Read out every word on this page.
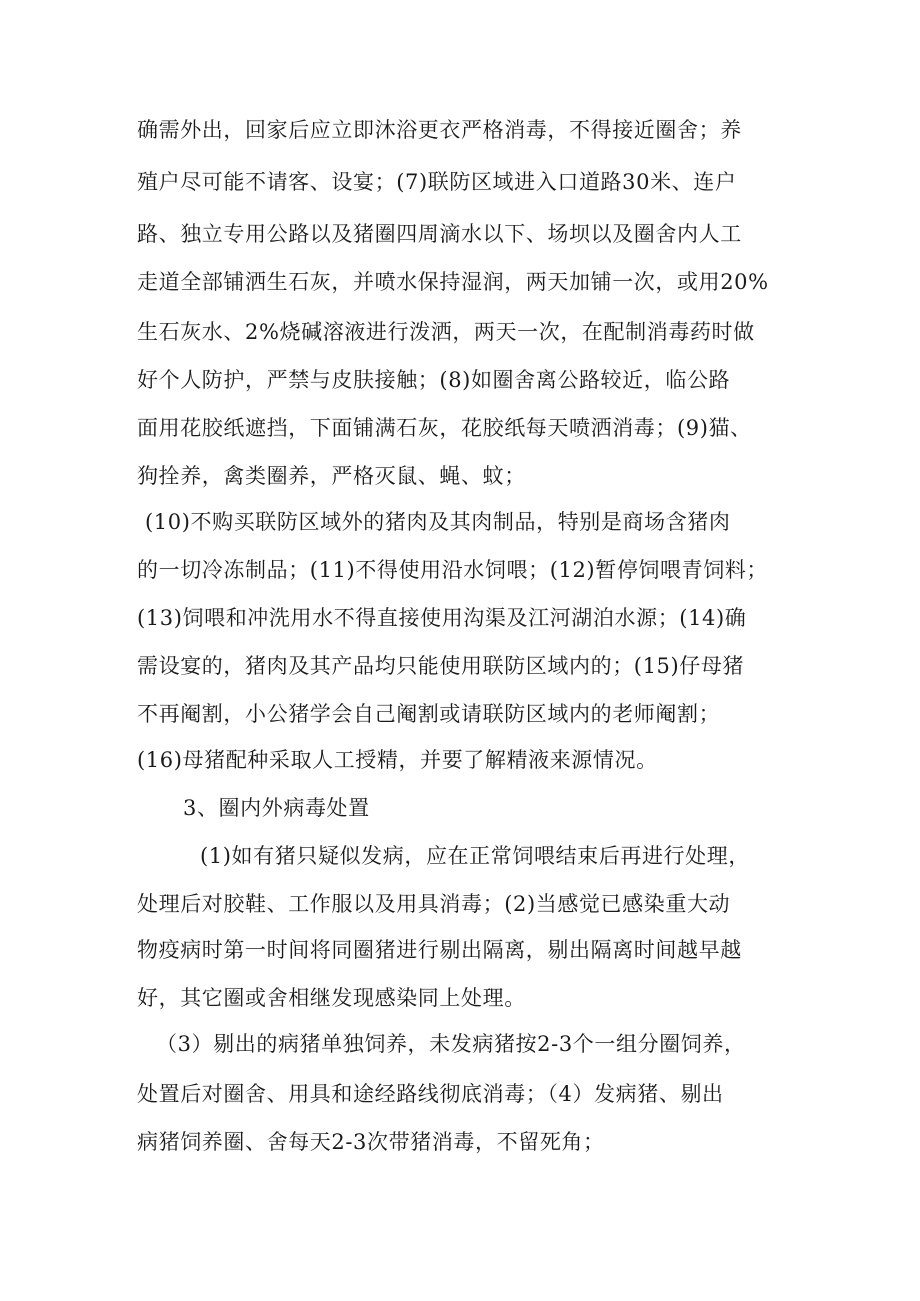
确需外出，回家后应立即沐浴更衣严格消毒，不得接近圈舍；养
殖户尽可能不请客、设宴；(7)联防区域进入口道路30米、连户
路、独立专用公路以及猪圈四周滴水以下、场坝以及圈舍内人工
走道全部铺洒生石灰，并喷水保持湿润，两天加铺一次，或用20%
生石灰水、2%烧碱溶液进行泼洒，两天一次，在配制消毒药时做
好个人防护，严禁与皮肤接触；(8)如圈舍离公路较近，临公路
面用花胶纸遮挡，下面铺满石灰，花胶纸每天喷洒消毒；(9)猫、
狗拴养，禽类圈养，严格灭鼠、蝇、蚊；
(10)不购买联防区域外的猪肉及其肉制品，特别是商场含猪肉
的一切冷冻制品；(11)不得使用沿水饲喂；(12)暂停饲喂青饲料；
(13)饲喂和冲洗用水不得直接使用沟渠及江河湖泊水源；(14)确
需设宴的，猪肉及其产品均只能使用联防区域内的；(15)仔母猪
不再阉割，小公猪学会自己阉割或请联防区域内的老师阉割；
(16)母猪配种采取人工授精，并要了解精液来源情况。
3、圈内外病毒处置
(1)如有猪只疑似发病，应在正常饲喂结束后再进行处理，
处理后对胶鞋、工作服以及用具消毒；(2)当感觉已感染重大动
物疫病时第一时间将同圈猪进行剔出隔离，剔出隔离时间越早越
好，其它圈或舍相继发现感染同上处理。
（3）剔出的病猪单独饲养，未发病猪按2-3个一组分圈饲养，
处置后对圈舍、用具和途经路线彻底消毒；（4）发病猪、剔出
病猪饲养圈、舍每天2-3次带猪消毒，不留死角；
